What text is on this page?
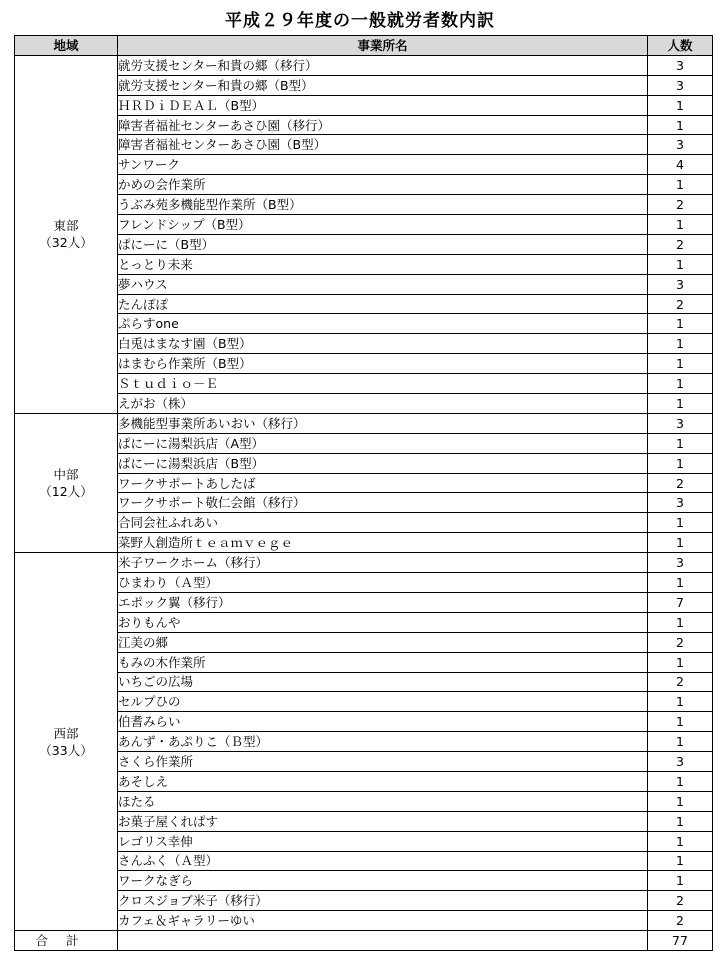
平成２９年度の一般就労者数内訳
地域	事業所名	人数

東部
（32人）	就労支援センター和貴の郷（移行）	3
	就労支援センター和貴の郷（B型）	3
	ＨＲＤｉＤＥＡＬ（B型）	1
	障害者福祉センターあさひ園（移行）	1
	障害者福祉センターあさひ園（B型）	3
	サンワーク	4
	かめの会作業所	1
	うぶみ苑多機能型作業所（B型）	2
	フレンドシップ（B型）	1
	ぱにーに（B型）	2
	とっとり未来	1
	夢ハウス	3
	たんぽぽ	2
	ぷらすone	1
	白兎はまなす園（B型）	1
	はまむら作業所（B型）	1
	Ｓｔｕｄｉｏ－Ｅ	1
	えがお（株）	1

中部
（12人）	多機能型事業所あいおい（移行）	3
	ぱにーに湯梨浜店（A型）	1
	ぱにーに湯梨浜店（B型）	1
	ワークサポートあしたば	2
	ワークサポート敬仁会館（移行）	3
	合同会社ふれあい	1
	菜野人創造所ｔｅａｍｖｅｇｅ	1

西部
（33人）	米子ワークホーム（移行）	3
	ひまわり（Ａ型）	1
	エポック翼（移行）	7
	おりもんや	1
	江美の郷	2
	もみの木作業所	1
	いちごの広場	2
	セルプひの	1
	伯耆みらい	1
	あんず・あぷりこ（Ｂ型）	1
	さくら作業所	3
	あそしえ	1
	ほたる	1
	お菓子屋くれぱす	1
	レゴリス幸伸	1
	さんふく（Ａ型）	1
	ワークなぎら	1
	クロスジョブ米子（移行）	2
	カフェ＆ギャラリーゆい	2
合計		77
